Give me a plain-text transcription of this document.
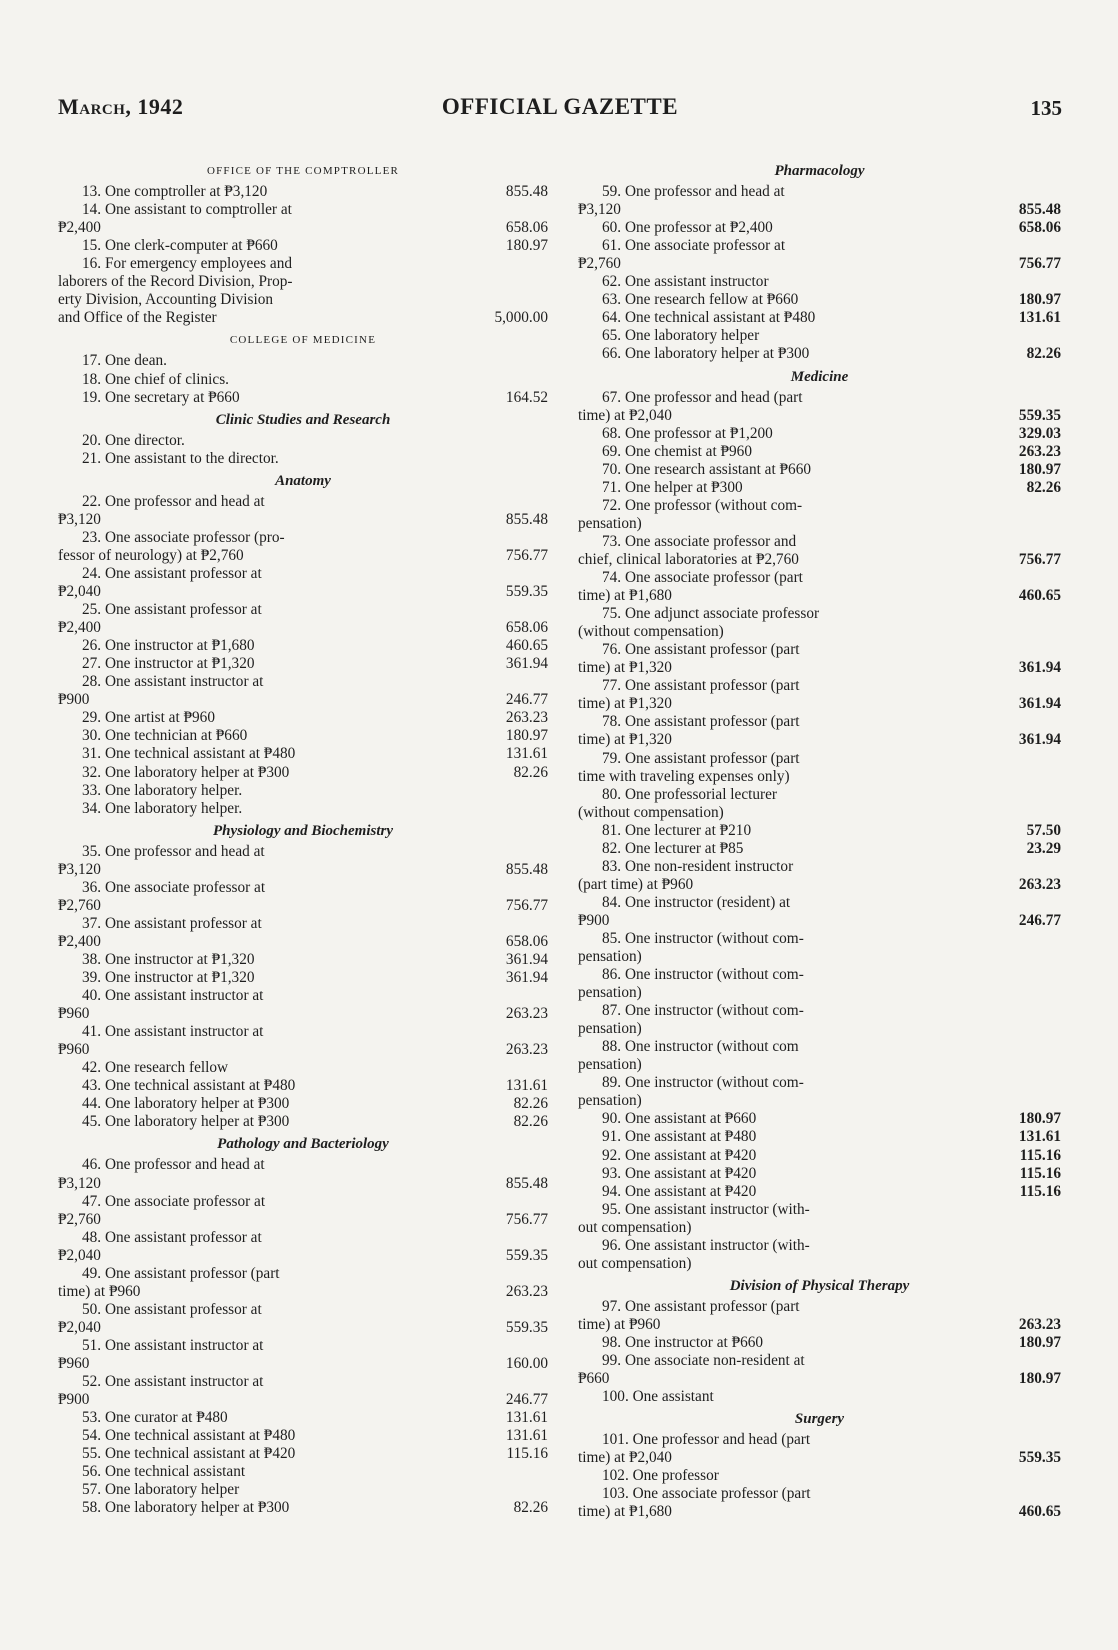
March, 1942	OFFICIAL GAZETTE	135
OFFICE OF THE COMPTROLLER
13. One comptroller at ₱3,120	855.48
14. One assistant to comptroller at
₱2,400	658.06
15. One clerk-computer at ₱660	180.97
16. For emergency employees and
laborers of the Record Division, Prop-
erty Division, Accounting Division
and Office of the Register	5,000.00
COLLEGE OF MEDICINE
17. One dean.
18. One chief of clinics.
19. One secretary at ₱660	164.52
Clinic Studies and Research
20. One director.
21. One assistant to the director.
Anatomy
22. One professor and head at
₱3,120	855.48
23. One associate professor (pro-
fessor of neurology) at ₱2,760	756.77
24. One assistant professor at
₱2,040	559.35
25. One assistant professor at
₱2,400	658.06
26. One instructor at ₱1,680	460.65
27. One instructor at ₱1,320	361.94
28. One assistant instructor at
₱900	246.77
29. One artist at ₱960	263.23
30. One technician at ₱660	180.97
31. One technical assistant at ₱480	131.61
32. One laboratory helper at ₱300	82.26
33. One laboratory helper.
34. One laboratory helper.
Physiology and Biochemistry
35. One professor and head at
₱3,120	855.48
36. One associate professor at
₱2,760	756.77
37. One assistant professor at
₱2,400	658.06
38. One instructor at ₱1,320	361.94
39. One instructor at ₱1,320	361.94
40. One assistant instructor at
₱960	263.23
41. One assistant instructor at
₱960	263.23
42. One research fellow
43. One technical assistant at ₱480	131.61
44. One laboratory helper at ₱300	82.26
45. One laboratory helper at ₱300	82.26
Pathology and Bacteriology
46. One professor and head at
₱3,120	855.48
47. One associate professor at
₱2,760	756.77
48. One assistant professor at
₱2,040	559.35
49. One assistant professor (part
time) at ₱960	263.23
50. One assistant professor at
₱2,040	559.35
51. One assistant instructor at
₱960	160.00
52. One assistant instructor at
₱900	246.77
53. One curator at ₱480	131.61
54. One technical assistant at ₱480	131.61
55. One technical assistant at ₱420	115.16
56. One technical assistant
57. One laboratory helper
58. One laboratory helper at ₱300	82.26
Pharmacology
59. One professor and head at
₱3,120	855.48
60. One professor at ₱2,400	658.06
61. One associate professor at
₱2,760	756.77
62. One assistant instructor
63. One research fellow at ₱660	180.97
64. One technical assistant at ₱480	131.61
65. One laboratory helper
66. One laboratory helper at ₱300	82.26
Medicine
67. One professor and head (part
time) at ₱2,040	559.35
68. One professor at ₱1,200	329.03
69. One chemist at ₱960	263.23
70. One research assistant at ₱660	180.97
71. One helper at ₱300	82.26
72. One professor (without com-
pensation)
73. One associate professor and
chief, clinical laboratories at ₱2,760	756.77
74. One associate professor (part
time) at ₱1,680	460.65
75. One adjunct associate professor
(without compensation)
76. One assistant professor (part
time) at ₱1,320	361.94
77. One assistant professor (part
time) at ₱1,320	361.94
78. One assistant professor (part
time) at ₱1,320	361.94
79. One assistant professor (part
time with traveling expenses only)
80. One professorial lecturer
(without compensation)
81. One lecturer at ₱210	57.50
82. One lecturer at ₱85	23.29
83. One non-resident instructor
(part time) at ₱960	263.23
84. One instructor (resident) at
₱900	246.77
85. One instructor (without com-
pensation)
86. One instructor (without com-
pensation)
87. One instructor (without com-
pensation)
88. One instructor (without com
pensation)
89. One instructor (without com-
pensation)
90. One assistant at ₱660	180.97
91. One assistant at ₱480	131.61
92. One assistant at ₱420	115.16
93. One assistant at ₱420	115.16
94. One assistant at ₱420	115.16
95. One assistant instructor (with-
out compensation)
96. One assistant instructor (with-
out compensation)
Division of Physical Therapy
97. One assistant professor (part
time) at ₱960	263.23
98. One instructor at ₱660	180.97
99. One associate non-resident at
₱660	180.97
100. One assistant
Surgery
101. One professor and head (part
time) at ₱2,040	559.35
102. One professor
103. One associate professor (part
time) at ₱1,680	460.65
